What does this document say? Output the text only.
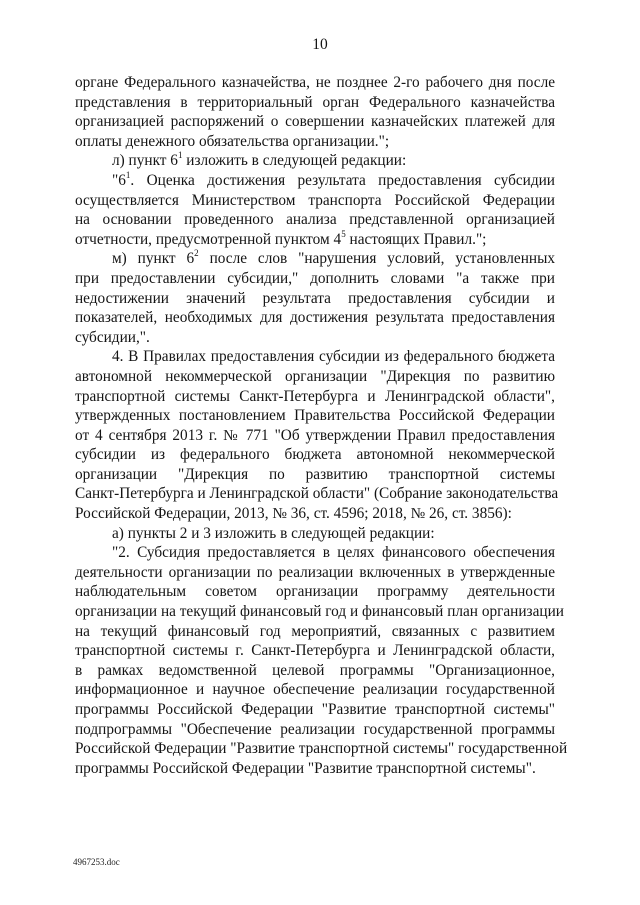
10
органе Федерального казначейства, не позднее 2-го рабочего дня после
представления в территориальный орган Федерального казначейства
организацией распоряжений о совершении казначейских платежей для
оплаты денежного обязательства организации.";
л) пункт $6^1$ изложить в следующей редакции:
"$6^1$. Оценка достижения результата предоставления субсидии
осуществляется Министерством транспорта Российской Федерации
на основании проведенного анализа представленной организацией
отчетности, предусмотренной пунктом $4^5$ настоящих Правил.";
м) пункт $6^2$ после слов "нарушения условий, установленных
при предоставлении субсидии," дополнить словами "а также при
недостижении значений результата предоставления субсидии и
показателей, необходимых для достижения результата предоставления
субсидии,".
4. В Правилах предоставления субсидии из федерального бюджета
автономной некоммерческой организации "Дирекция по развитию
транспортной системы Санкт-Петербурга и Ленинградской области",
утвержденных постановлением Правительства Российской Федерации
от 4 сентября 2013 г. № 771 "Об утверждении Правил предоставления
субсидии из федерального бюджета автономной некоммерческой
организации "Дирекция по развитию транспортной системы
Санкт-Петербурга и Ленинградской области" (Собрание законодательства
Российской Федерации, 2013, № 36, ст. 4596; 2018, № 26, ст. 3856):
а) пункты 2 и 3 изложить в следующей редакции:
"2. Субсидия предоставляется в целях финансового обеспечения
деятельности организации по реализации включенных в утвержденные
наблюдательным советом организации программу деятельности
организации на текущий финансовый год и финансовый план организации
на текущий финансовый год мероприятий, связанных с развитием
транспортной системы г. Санкт-Петербурга и Ленинградской области,
в рамках ведомственной целевой программы "Организационное,
информационное и научное обеспечение реализации государственной
программы Российской Федерации "Развитие транспортной системы"
подпрограммы "Обеспечение реализации государственной программы
Российской Федерации "Развитие транспортной системы" государственной
программы Российской Федерации "Развитие транспортной системы".
4967253.doc
